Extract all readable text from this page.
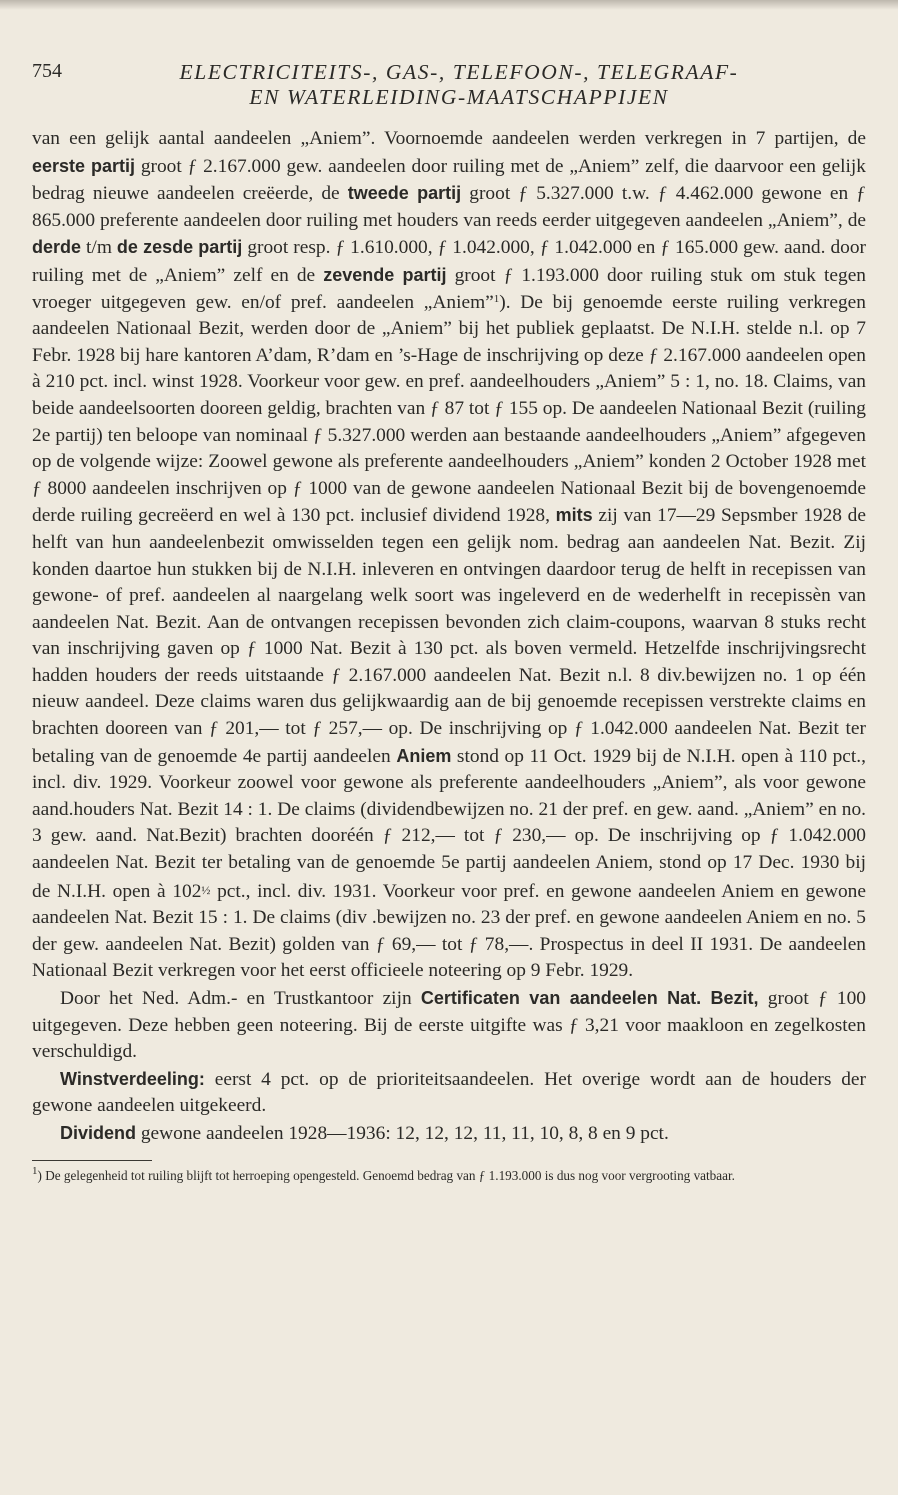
754	ELECTRICITEITS-, GAS-, TELEFOON-, TELEGRAAF-
EN WATERLEIDING-MAATSCHAPPIJEN

van een gelijk aantal aandeelen „Aniem”. Voornoemde aandeelen werden verkregen in 7 partijen, de eerste partij groot ƒ 2.167.000 gew. aandeelen door ruiling met de „Aniem” zelf, die daarvoor een gelijk bedrag nieuwe aandeelen creëerde, de tweede partij groot ƒ 5.327.000 t.w. ƒ 4.462.000 gewone en ƒ 865.000 preferente aandeelen door ruiling met houders van reeds eerder uitgegeven aandeelen „Aniem”, de derde t/m de zesde partij groot resp. ƒ 1.610.000, ƒ 1.042.000, ƒ 1.042.000 en ƒ 165.000 gew. aand. door ruiling met de „Aniem” zelf en de zevende partij groot ƒ 1.193.000 door ruiling stuk om stuk tegen vroeger uitgegeven gew. en/of pref. aandeelen „Aniem”$^1$). De bij genoemde eerste ruiling verkregen aandeelen Nationaal Bezit, werden door de „Aniem” bij het publiek geplaatst. De N.I.H. stelde n.l. op 7 Febr. 1928 bij hare kantoren A’dam, R’dam en ’s-Hage de inschrijving op deze ƒ 2.167.000 aandeelen open à 210 pct. incl. winst 1928. Voorkeur voor gew. en pref. aandeelhouders „Aniem” 5 : 1, no. 18. Claims, van beide aandeelsoorten dooreen geldig, brachten van ƒ 87 tot ƒ 155 op. De aandeelen Nationaal Bezit (ruiling 2e partij) ten beloope van nominaal ƒ 5.327.000 werden aan bestaande aandeelhouders „Aniem” afgegeven op de volgende wijze: Zoowel gewone als preferente aandeelhouders „Aniem” konden 2 October 1928 met ƒ 8000 aandeelen inschrijven op ƒ 1000 van de gewone aandeelen Nationaal Bezit bij de bovengenoemde derde ruiling gecreëerd en wel à 130 pct. inclusief dividend 1928, mits zij van 17—29 Sepsmber 1928 de helft van hun aandeelenbezit omwisselden tegen een gelijk nom. bedrag aan aandeelen Nat. Bezit. Zij konden daartoe hun stukken bij de N.I.H. inleveren en ontvingen daardoor terug de helft in recepissen van gewone- of pref. aandeelen al naargelang welk soort was ingeleverd en de wederhelft in recepissèn van aandeelen Nat. Bezit. Aan de ontvangen recepissen bevonden zich claim-coupons, waarvan 8 stuks recht van inschrijving gaven op ƒ 1000 Nat. Bezit à 130 pct. als boven vermeld. Hetzelfde inschrijvingsrecht hadden houders der reeds uitstaande ƒ 2.167.000 aandeelen Nat. Bezit n.l. 8 div.bewijzen no. 1 op één nieuw aandeel. Deze claims waren dus gelijkwaardig aan de bij genoemde recepissen verstrekte claims en brachten dooreen van ƒ 201,— tot ƒ 257,— op. De inschrijving op ƒ 1.042.000 aandeelen Nat. Bezit ter betaling van de genoemde 4e partij aandeelen Aniem stond op 11 Oct. 1929 bij de N.I.H. open à 110 pct., incl. div. 1929. Voorkeur zoowel voor gewone als preferente aandeelhouders „Aniem”, als voor gewone aand.houders Nat. Bezit 14 : 1. De claims (dividendbewijzen no. 21 der pref. en gew. aand. „Aniem” en no. 3 gew. aand. Nat.Bezit) brachten dooréén ƒ 212,— tot ƒ 230,— op. De inschrijving op ƒ 1.042.000 aandeelen Nat. Bezit ter betaling van de genoemde 5e partij aandeelen Aniem, stond op 17 Dec. 1930 bij de N.I.H. open à 102½ pct., incl. div. 1931. Voorkeur voor pref. en gewone aandeelen Aniem en gewone aandeelen Nat. Bezit 15 : 1. De claims (div .bewijzen no. 23 der pref. en gewone aandeelen Aniem en no. 5 der gew. aandeelen Nat. Bezit) golden van ƒ 69,— tot ƒ 78,—. Prospectus in deel II 1931. De aandeelen Nationaal Bezit verkregen voor het eerst officieele noteering op 9 Febr. 1929.

Door het Ned. Adm.- en Trustkantoor zijn Certificaten van aandeelen Nat. Bezit, groot ƒ 100 uitgegeven. Deze hebben geen noteering. Bij de eerste uitgifte was ƒ 3,21 voor maakloon en zegelkosten verschuldigd.

Winstverdeeling: eerst 4 pct. op de prioriteitsaandeelen. Het overige wordt aan de houders der gewone aandeelen uitgekeerd.

Dividend gewone aandeelen 1928—1936: 12, 12, 12, 11, 11, 10, 8, 8 en 9 pct.

$^1$) De gelegenheid tot ruiling blijft tot herroeping opengesteld. Genoemd bedrag van ƒ 1.193.000 is dus nog voor vergrooting vatbaar.
